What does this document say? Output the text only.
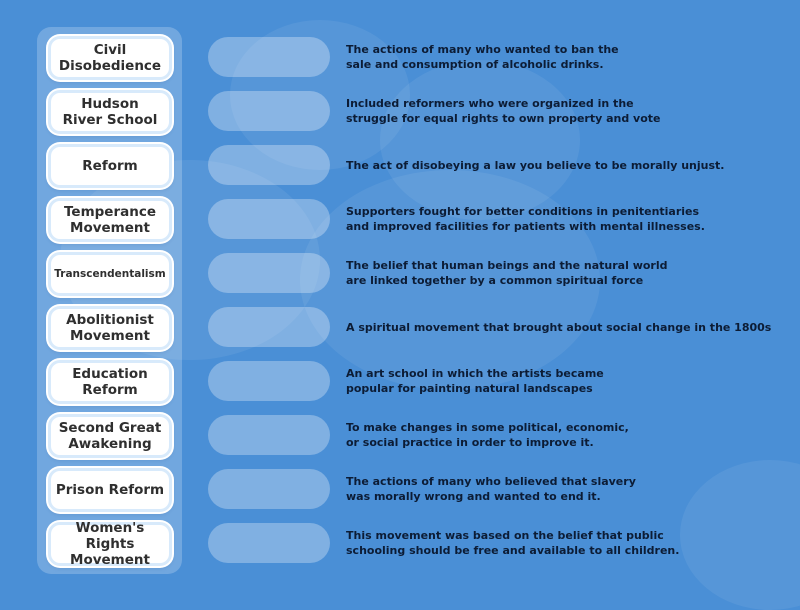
Civil
Disobedience
Hudson
River School
Reform
Temperance
Movement
Transcendentalism
Abolitionist
Movement
Education
Reform
Second Great
Awakening
Prison Reform
Women's Rights
Movement
The actions of many who wanted to ban the
sale and consumption of alcoholic drinks.
Included reformers who were organized in the
struggle for equal rights to own property and vote
The act of disobeying a law you believe to be morally unjust.
Supporters fought for better conditions in penitentiaries
and improved facilities for patients with mental illnesses.
The belief that human beings and the natural world
are linked together by a common spiritual force
A spiritual movement that brought about social change in the 1800s
An art school in which the artists became
popular for painting natural landscapes
To make changes in some political, economic,
or social practice in order to improve it.
The actions of many who believed that slavery
was morally wrong and wanted to end it.
This movement was based on the belief that public
schooling should be free and available to all children.
